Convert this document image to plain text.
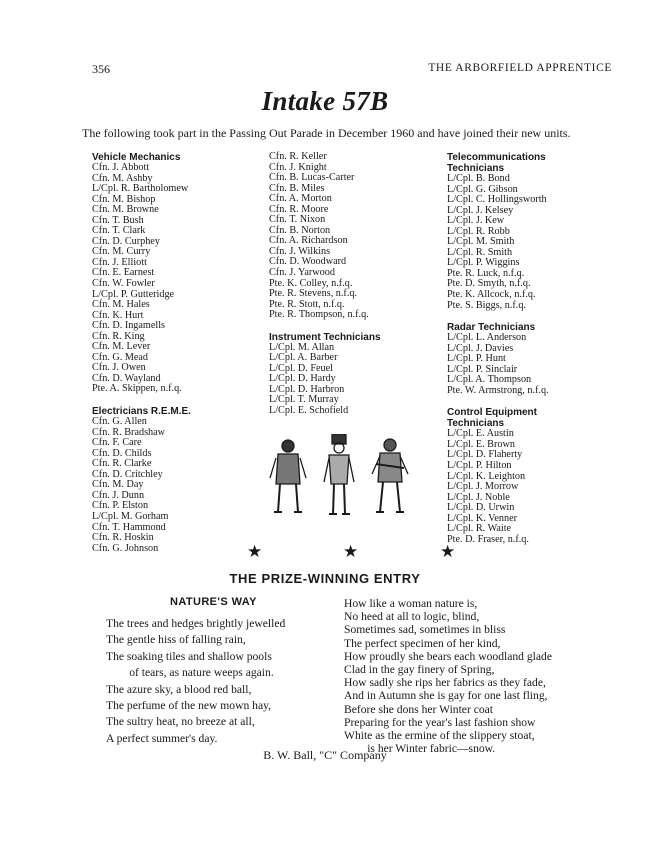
356	THE ARBORFIELD APPRENTICE
Intake 57B
The following took part in the Passing Out Parade in December 1960 and have joined their new units.
Vehicle Mechanics
Cfn. J. Abbott
Cfn. M. Ashby
L/Cpl. R. Bartholomew
Cfn. M. Bishop
Cfn. M. Browne
Cfn. T. Bush
Cfn. T. Clark
Cfn. D. Curphey
Cfn. M. Curry
Cfn. J. Elliott
Cfn. E. Earnest
Cfn. W. Fowler
L/Cpl. P. Gutteridge
Cfn. M. Hales
Cfn. K. Hurt
Cfn. D. Ingamells
Cfn. R. King
Cfn. M. Lever
Cfn. G. Mead
Cfn. J. Owen
Cfn. D. Wayland
Pte. A. Skippen, n.f.q.
Electricians R.E.M.E.
Cfn. G. Allen
Cfn. R. Bradshaw
Cfn. F. Care
Cfn. D. Childs
Cfn. R. Clarke
Cfn. D. Critchley
Cfn. M. Day
Cfn. J. Dunn
Cfn. P. Elston
L/Cpl. M. Gorham
Cfn. T. Hammond
Cfn. R. Hoskin
Cfn. G. Johnson
Cfn. R. Keller
Cfn. J. Knight
Cfn. B. Lucas-Carter
Cfn. B. Miles
Cfn. A. Morton
Cfn. R. Moore
Cfn. T. Nixon
Cfn. B. Norton
Cfn. A. Richardson
Cfn. J. Wilkins
Cfn. D. Woodward
Cfn. J. Yarwood
Pte. K. Colley, n.f.q.
Pte. R. Stevens, n.f.q.
Pte. R. Stott, n.f.q.
Pte. R. Thompson, n.f.q.
Instrument Technicians
L/Cpl. M. Allan
L/Cpl. A. Barber
L/Cpl. D. Feuel
L/Cpl. D. Hardy
L/Cpl. D. Harbron
L/Cpl. T. Murray
L/Cpl. E. Schofield
Telecommunications Technicians
L/Cpl. B. Bond
L/Cpl. G. Gibson
L/Cpl. C. Hollingsworth
L/Cpl. J. Kelsey
L/Cpl. J. Kew
L/Cpl. R. Robb
L/Cpl. M. Smith
L/Cpl. R. Smith
L/Cpl. P. Wiggins
Pte. R. Luck, n.f.q.
Pte. D. Smyth, n.f.q.
Pte. K. Allcock, n.f.q.
Pte. S. Biggs, n.f.q.
Radar Technicians
L/Cpl. L. Anderson
L/Cpl. J. Davies
L/Cpl. P. Hunt
L/Cpl. P. Sinclair
L/Cpl. A. Thompson
Pte. W. Armstrong, n.f.q.
Control Equipment Technicians
L/Cpl. E. Austin
L/Cpl. E. Brown
L/Cpl. D. Flaherty
L/Cpl. P. Hilton
L/Cpl. K. Leighton
L/Cpl. J. Morrow
L/Cpl. J. Noble
L/Cpl. D. Urwin
L/Cpl. K. Venner
L/Cpl. R. Waite
Pte. D. Fraser, n.f.q.
★	★	★
THE PRIZE-WINNING ENTRY
NATURE'S WAY
The trees and hedges brightly jewelled
The gentle hiss of falling rain,
The soaking tiles and shallow pools
of tears, as nature weeps again.
The azure sky, a blood red ball,
The perfume of the new mown hay,
The sultry heat, no breeze at all,
A perfect summer's day.
How like a woman nature is,
No heed at all to logic, blind,
Sometimes sad, sometimes in bliss
The perfect specimen of her kind,
How proudly she bears each woodland glade
Clad in the gay finery of Spring,
How sadly she rips her fabrics as they fade,
And in Autumn she is gay for one last fling,
Before she dons her Winter coat
Preparing for the year's last fashion show
White as the ermine of the slippery stoat,
is her Winter fabric—snow.
B. W. Ball, "C" Company
